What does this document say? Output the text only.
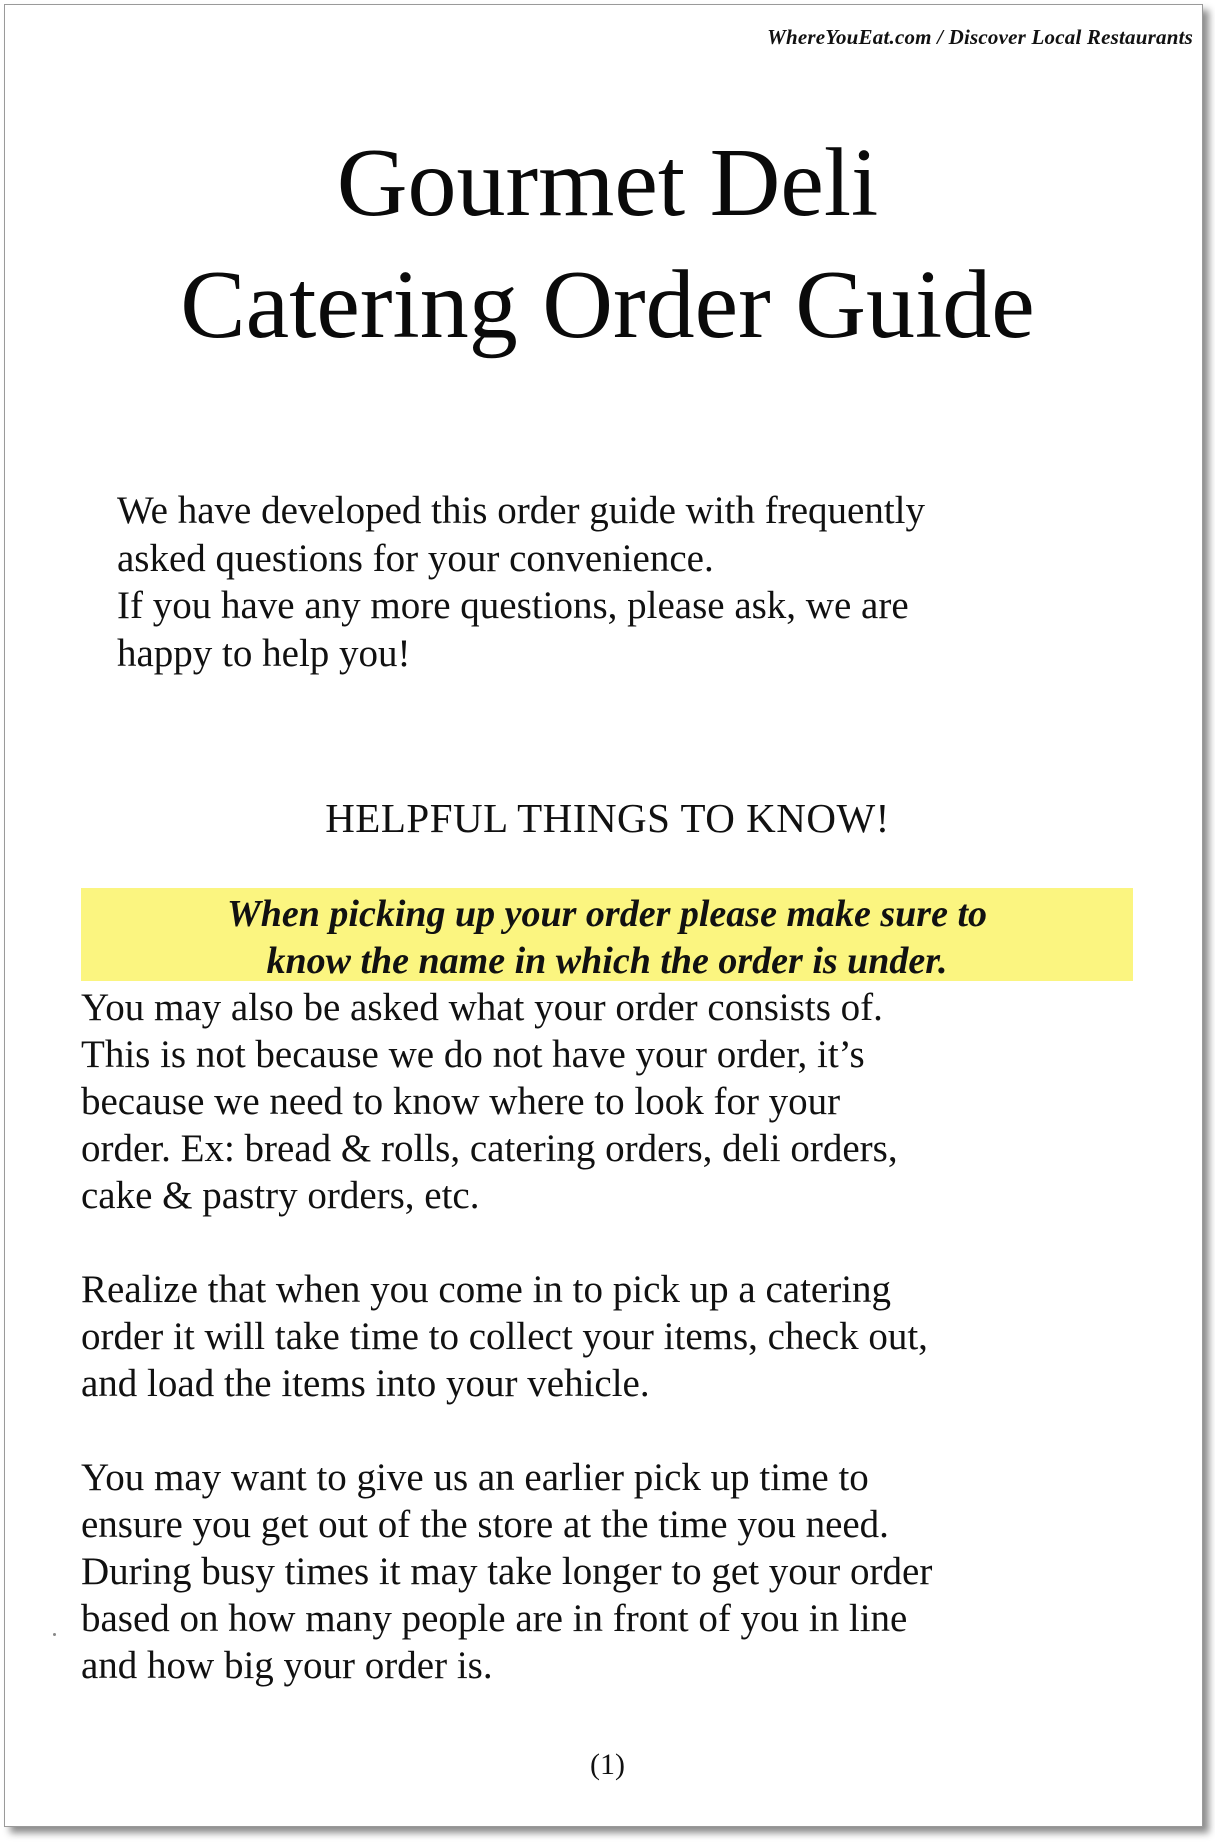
WhereYouEat.com / Discover Local Restaurants
Gourmet Deli
Catering Order Guide

We have developed this order guide with frequently

asked questions for your convenience.

If you have any more questions, please ask, we are

happy to help you!

HELPFUL THINGS TO KNOW!
When picking up your order please make sure to
know the name in which the order is under.

You may also be asked what your order consists of.
This is not because we do not have your order, it’s
because we need to know where to look for your
order. Ex: bread & rolls, catering orders, deli orders,
cake & pastry orders, etc.

Realize that when you come in to pick up a catering
order it will take time to collect your items, check out,
and load the items into your vehicle.

You may want to give us an earlier pick up time to
ensure you get out of the store at the time you need.
During busy times it may take longer to get your order
based on how many people are in front of you in line
and how big your order is.

(1)
